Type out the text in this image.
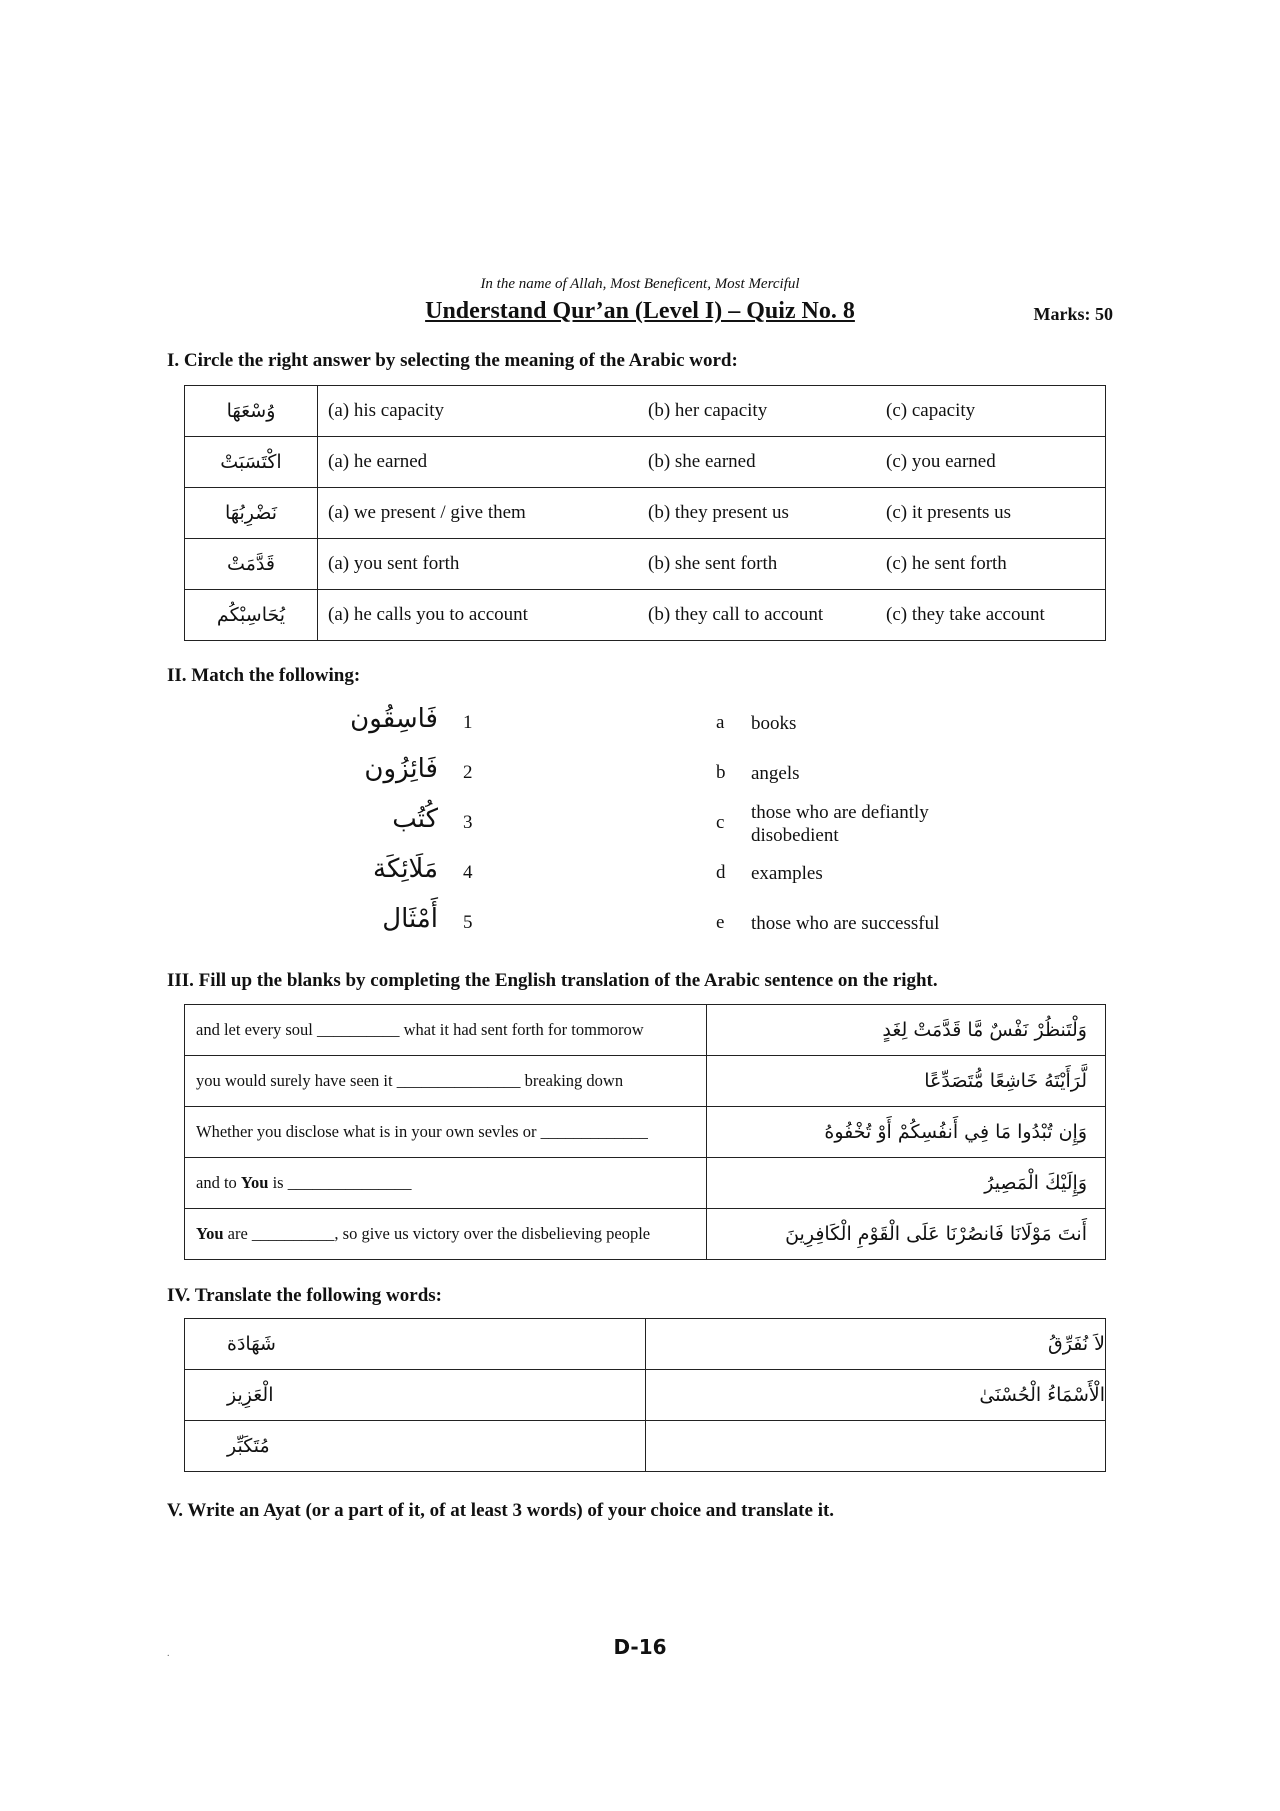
In the name of Allah, Most Beneficent, Most Merciful
Understand Qur’an (Level I) – Quiz No. 8	Marks: 50
I. Circle the right answer by selecting the meaning of the Arabic word:
وُسْعَهَا	(a) his capacity	(b) her capacity	(c) capacity
اكْتَسَبَتْ	(a) he earned	(b) she earned	(c) you earned
نَضْرِبُهَا	(a) we present / give them	(b) they present us	(c) it presents us
قَدَّمَتْ	(a) you sent forth	(b) she sent forth	(c) he sent forth
يُحَاسِبْكُم	(a) he calls you to account	(b) they call to account	(c) they take account
II. Match the following:
فَاسِقُون 1	a books
فَائِزُون 2	b angels
كُتُب 3	c those who are defiantly disobedient
مَلَائِكَة 4	d examples
أَمْثَال 5	e those who are successful
III. Fill up the blanks by completing the English translation of the Arabic sentence on the right.
and let every soul __________ what it had sent forth for tommorow	وَلْتَنظُرْ نَفْسٌ مَّا قَدَّمَتْ لِغَدٍ
you would surely have seen it _______________ breaking down	لَّرَأَيْتَهُ خَاشِعًا مُّتَصَدِّعًا
Whether you disclose what is in your own sevles or _____________	وَإِن تُبْدُوا مَا فِي أَنفُسِكُمْ أَوْ تُخْفُوهُ
and to You is _______________	وَإِلَيْكَ الْمَصِيرُ
You are __________, so give us victory over the disbelieving people	أَنتَ مَوْلَانَا فَانصُرْنَا عَلَى الْقَوْمِ الْكَافِرِينَ
IV. Translate the following words:
شَهَادَة	لاَ نُفَرِّقُ
الْعَزِيز	الْأَسْمَاءُ الْحُسْنَىٰ
مُتَكَبِّر	
V. Write an Ayat (or a part of it, of at least 3 words) of your choice and translate it.
.	D-16
